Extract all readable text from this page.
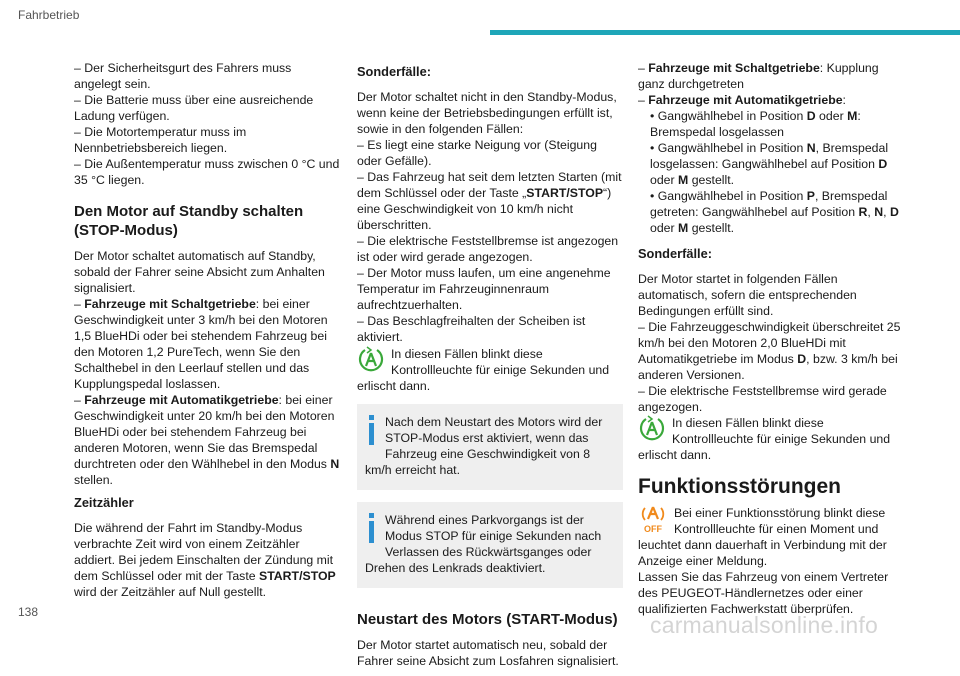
Fahrbetrieb
– Der Sicherheitsgurt des Fahrers muss angelegt sein.
– Die Batterie muss über eine ausreichende Ladung verfügen.
– Die Motortemperatur muss im Nennbetriebsbereich liegen.
– Die Außentemperatur muss zwischen 0 °C und 35 °C liegen.
Den Motor auf Standby schalten (STOP-Modus)

Der Motor schaltet automatisch auf Standby, sobald der Fahrer seine Absicht zum Anhalten signalisiert.

– Fahrzeuge mit Schaltgetriebe: bei einer Geschwindigkeit unter 3 km/h bei den Motoren 1,5 BlueHDi oder bei stehendem Fahrzeug bei den Motoren 1,2 PureTech, wenn Sie den Schalthebel in den Leerlauf stellen und das Kupplungspedal loslassen.

– Fahrzeuge mit Automatikgetriebe: bei einer Geschwindigkeit unter 20 km/h bei den Motoren BlueHDi oder bei stehendem Fahrzeug bei anderen Motoren, wenn Sie das Bremspedal durchtreten oder den Wählhebel in den Modus N stellen.

Zeitzähler

Die während der Fahrt im Standby-Modus verbrachte Zeit wird von einem Zeitzähler addiert. Bei jedem Einschalten der Zündung mit dem Schlüssel oder mit der Taste START/STOP wird der Zeitzähler auf Null gestellt.

Sonderfälle:

Der Motor schaltet nicht in den Standby-Modus, wenn keine der Betriebsbedingungen erfüllt ist, sowie in den folgenden Fällen:

– Es liegt eine starke Neigung vor (Steigung oder Gefälle).
– Das Fahrzeug hat seit dem letzten Starten (mit dem Schlüssel oder der Taste „START/STOP“) eine Geschwindigkeit von 10 km/h nicht überschritten.
– Die elektrische Feststellbremse ist angezogen ist oder wird gerade angezogen.
– Der Motor muss laufen, um eine angenehme Temperatur im Fahrzeuginnenraum aufrechtzuerhalten.
– Das Beschlagfreihalten der Scheiben ist aktiviert.
In diesen Fällen blinkt diese Kontrollleuchte für einige Sekunden und erlischt dann.
Nach dem Neustart des Motors wird der STOP-Modus erst aktiviert, wenn das Fahrzeug eine Geschwindigkeit von 8 km/h erreicht hat.
Während eines Parkvorgangs ist der Modus STOP für einige Sekunden nach Verlassen des Rückwärtsganges oder Drehen des Lenkrads deaktiviert.
Neustart des Motors (START-Modus)

Der Motor startet automatisch neu, sobald der Fahrer seine Absicht zum Losfahren signalisiert.

– Fahrzeuge mit Schaltgetriebe: Kupplung ganz durchgetreten

– Fahrzeuge mit Automatikgetriebe:

• Gangwählhebel in Position D oder M: Bremspedal losgelassen
• Gangwählhebel in Position N, Bremspedal losgelassen: Gangwählhebel auf Position D oder M gestellt.
• Gangwählhebel in Position P, Bremspedal getreten: Gangwählhebel auf Position R, N, D oder M gestellt.
Sonderfälle:

Der Motor startet in folgenden Fällen automatisch, sofern die entsprechenden Bedingungen erfüllt sind.

– Die Fahrzeuggeschwindigkeit überschreitet 25 km/h bei den Motoren 2,0 BlueHDi mit Automatikgetriebe im Modus D, bzw. 3 km/h bei anderen Versionen.
– Die elektrische Feststellbremse wird gerade angezogen.
In diesen Fällen blinkt diese Kontrollleuchte für einige Sekunden und erlischt dann.
Funktionsstörungen
OFF
Bei einer Funktionsstörung blinkt diese Kontrollleuchte für einen Moment und leuchtet dann dauerhaft in Verbindung mit der Anzeige einer Meldung.
Lassen Sie das Fahrzeug von einem Vertreter des PEUGEOT-Händlernetzes oder einer qualifizierten Fachwerkstatt überprüfen.
138	carmanualsonline.info
